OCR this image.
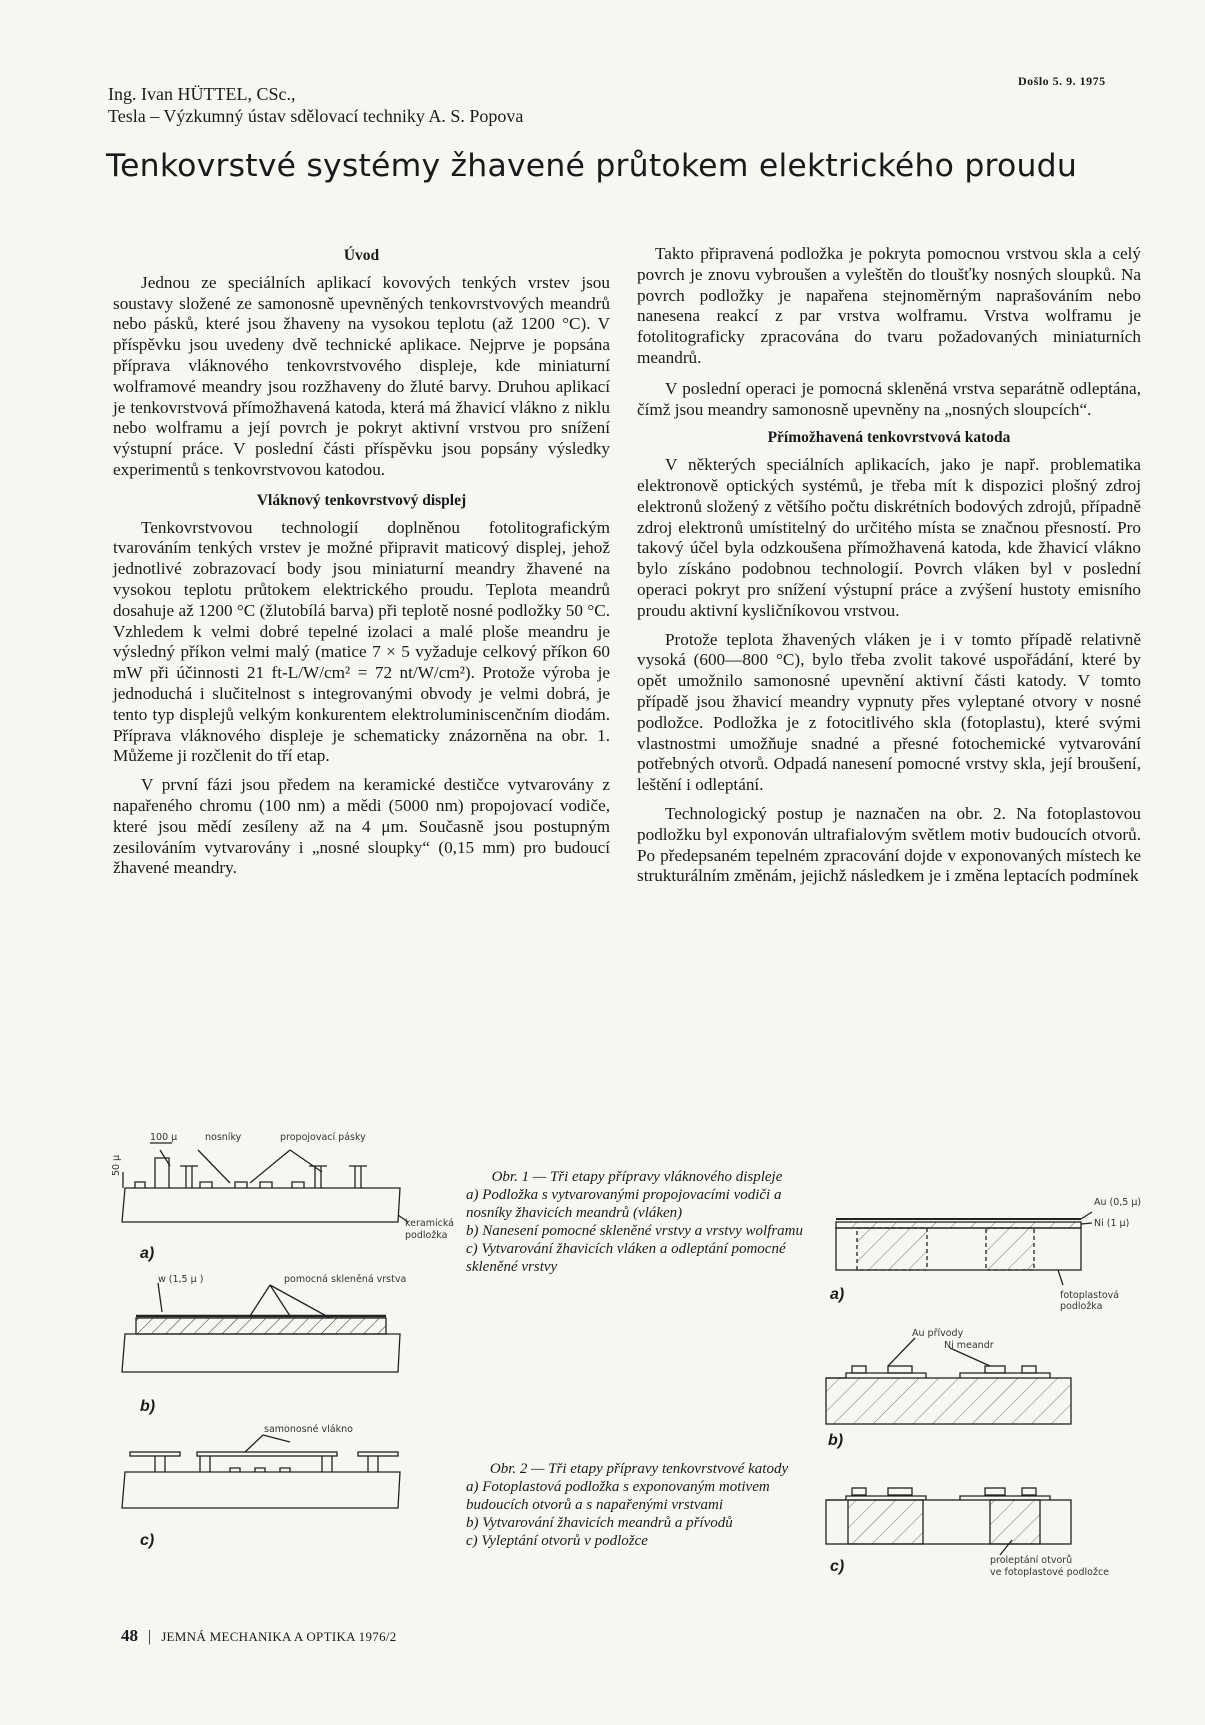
Došlo 5. 9. 1975
Ing. Ivan HÜTTEL, CSc.,
Tesla – Výzkumný ústav sdělovací techniky A. S. Popova
Tenkovrstvé systémy žhavené průtokem elektrického proudu
Úvod

Jednou ze speciálních aplikací kovových tenkých vrstev jsou soustavy složené ze samonosně upevněných tenkovrstvových meandrů nebo pásků, které jsou žhaveny na vysokou teplotu (až 1200 °C). V příspěvku jsou uvedeny dvě technické aplikace. Nejprve je popsána příprava vláknového tenkovrstvového displeje, kde miniaturní wolframové meandry jsou rozžhaveny do žluté barvy. Druhou aplikací je tenkovrstvová přímožhavená katoda, která má žhavicí vlákno z niklu nebo wolframu a její povrch je pokryt aktivní vrstvou pro snížení výstupní práce. V poslední části příspěvku jsou popsány výsledky experimentů s tenkovrstvovou katodou.

Vláknový tenkovrstvový displej

Tenkovrstvovou technologií doplněnou fotolitografickým tvarováním tenkých vrstev je možné připravit maticový displej, jehož jednotlivé zobrazovací body jsou miniaturní meandry žhavené na vysokou teplotu průtokem elektrického proudu. Teplota meandrů dosahuje až 1200 °C (žlutobílá barva) při teplotě nosné podložky 50 °C. Vzhledem k velmi dobré tepelné izolaci a malé ploše meandru je výsledný příkon velmi malý (matice 7 × 5 vyžaduje celkový příkon 60 mW při účinnosti 21 ft-L/W/cm² = 72 nt/W/cm²). Protože výroba je jednoduchá i slučitelnost s integrovanými obvody je velmi dobrá, je tento typ displejů velkým konkurentem elektroluminiscenčním diodám. Příprava vláknového displeje je schematicky znázorněna na obr. 1. Můžeme ji rozčlenit do tří etap.

V první fázi jsou předem na keramické destičce vytvarovány z napařeného chromu (100 nm) a mědi (5000 nm) propojovací vodiče, které jsou mědí zesíleny až na 4 μm. Současně jsou postupným zesilováním vytvarovány i „nosné sloupky“ (0,15 mm) pro budoucí žhavené meandry.

Takto připravená podložka je pokryta pomocnou vrstvou skla a celý povrch je znovu vybroušen a vyleštěn do tloušťky nosných sloupků. Na povrch podložky je napařena stejnoměrným naprašováním nebo nanesena reakcí z par vrstva wolframu. Vrstva wolframu je fotolitograficky zpracována do tvaru požadovaných miniaturních meandrů.

V poslední operaci je pomocná skleněná vrstva separátně odleptána, čímž jsou meandry samonosně upevněny na „nosných sloupcích“.

Přímožhavená tenkovrstvová katoda

V některých speciálních aplikacích, jako je např. problematika elektronově optických systémů, je třeba mít k dispozici plošný zdroj elektronů složený z většího počtu diskrétních bodových zdrojů, případně zdroj elektronů umístitelný do určitého místa se značnou přesností. Pro takový účel byla odzkoušena přímožhavená katoda, kde žhavicí vlákno bylo získáno podobnou technologií. Povrch vláken byl v poslední operaci pokryt pro snížení výstupní práce a zvýšení hustoty emisního proudu aktivní kysličníkovou vrstvou.

Protože teplota žhavených vláken je i v tomto případě relativně vysoká (600—800 °C), bylo třeba zvolit takové uspořádání, které by opět umožnilo samonosné upevnění aktivní části katody. V tomto případě jsou žhavicí meandry vypnuty přes vyleptané otvory v nosné podložce. Podložka je z fotocitlivého skla (fotoplastu), které svými vlastnostmi umožňuje snadné a přesné fotochemické vytvarování potřebných otvorů. Odpadá nanesení pomocné vrstvy skla, její broušení, leštění i odleptání.

Technologický postup je naznačen na obr. 2. Na fotoplastovou podložku byl exponován ultrafialovým světlem motiv budoucích otvorů. Po předepsaném tepelném zpracování dojde v exponovaných místech ke strukturálním změnám, jejichž následkem je i změna leptacích podmínek

100 μ
50 μ
nosníky	propojovací pásky
keramická
podložka
w (1,5 μ )	pomocná skleněná vrstva
samonosné vlákno
Au (0,5 μ)
Ni (1 μ)
fotoplastová
podložka
Au přívody
Ni meandr
proleptání otvorů
ve fotoplastové podložce
a)
b)
c)
a)
b)
c)
Obr. 1 — Tři etapy přípravy vláknového displeje
a) Podložka s vytvarovanými propojovacími vodiči a nosníky žhavicích meandrů (vláken)
b) Nanesení pomocné skleněné vrstvy a vrstvy wolframu
c) Vytvarování žhavicích vláken a odleptání pomocné skleněné vrstvy
Obr. 2 — Tři etapy přípravy tenkovrstvové katody
a) Fotoplastová podložka s exponovaným motivem budoucích otvorů a s napařenými vrstvami
b) Vytvarování žhavicích meandrů a přívodů
c) Vyleptání otvorů v podložce
48 | JEMNÁ MECHANIKA A OPTIKA 1976/2
